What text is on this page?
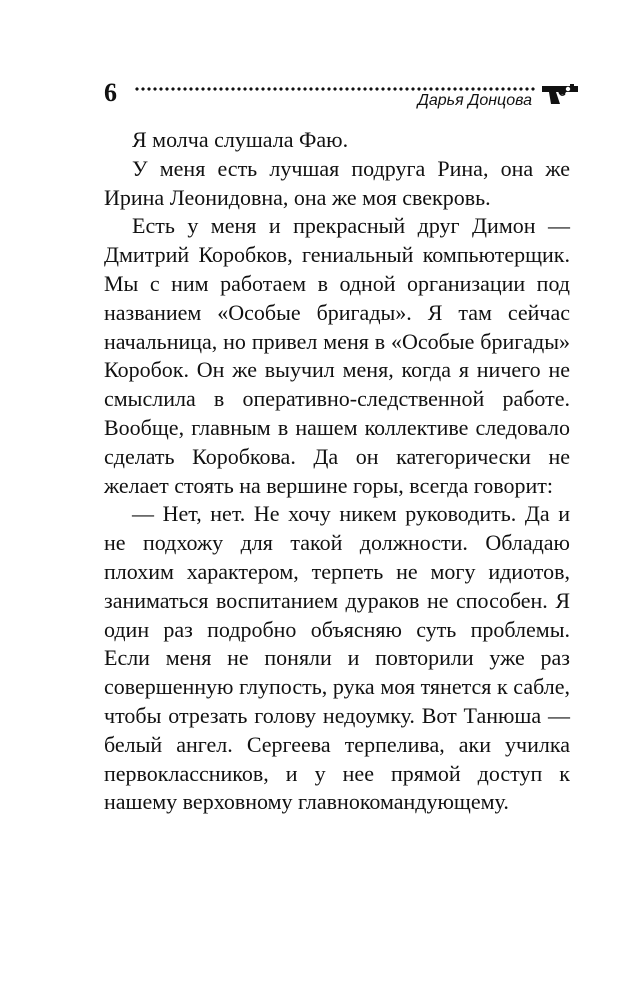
6	Дарья Донцова

Я молча слушала Фаю.

У меня есть лучшая подруга Рина, она же Ирина Леонидовна, она же моя свекровь.

Есть у меня и прекрасный друг Димон — Дмитрий Коробков, гениальный компьютерщик. Мы с ним работаем в одной организации под названием «Особые бригады». Я там сейчас начальница, но привел меня в «Особые бригады» Коробок. Он же выучил меня, когда я ничего не смыслила в оперативно-следственной работе. Вообще, главным в нашем коллективе следовало сделать Коробкова. Да он категорически не желает стоять на вершине горы, всегда говорит:

— Нет, нет. Не хочу никем руководить. Да и не подхожу для такой должности. Обладаю плохим характером, терпеть не могу идиотов, заниматься воспитанием дураков не способен. Я один раз подробно объясняю суть проблемы. Если меня не поняли и повторили уже раз совершенную глупость, рука моя тянется к сабле, чтобы отрезать голову недоумку. Вот Танюша — белый ангел. Сергеева терпелива, аки училка первоклассников, и у нее прямой доступ к нашему верховному главнокомандующему.
